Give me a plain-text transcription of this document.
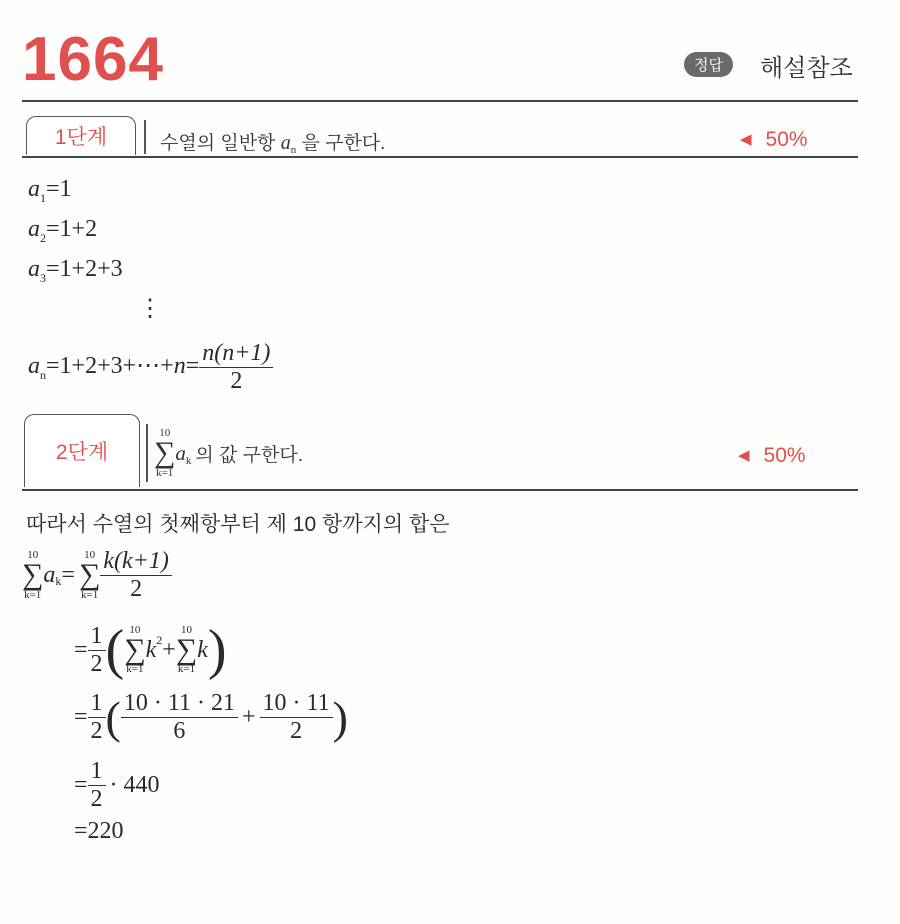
1664	정답	해설참조
1단계	수열의 일반항 $a_n$ 을 구한다.	◀ 50%
$a_1=1$
$a_2=1+2$
$a_3=1+2+3$
⋮
$a_n=1+2+3+\cdots+n= \frac{n(n+1)}{2}$
2단계
10
∑
k=1
ak 의 값 구한다.	◀ 50%
따라서 수열의 첫째항부터 제 10 항까지의 합은
10
∑
k=1
a k =
10
∑
$k=1 \frac{k(k+1)}{2}$
= $\frac{1}{2}$ ( 10
∑
k=1
k 2 +
10
∑
k=1
k )
= $\frac{1}{2}$ ( $\frac{10 \cdot 11 \cdot 21}{6} + \frac{10 \cdot 11}{2}$ )
= $\frac{1}{2} \cdot 440$
=220
